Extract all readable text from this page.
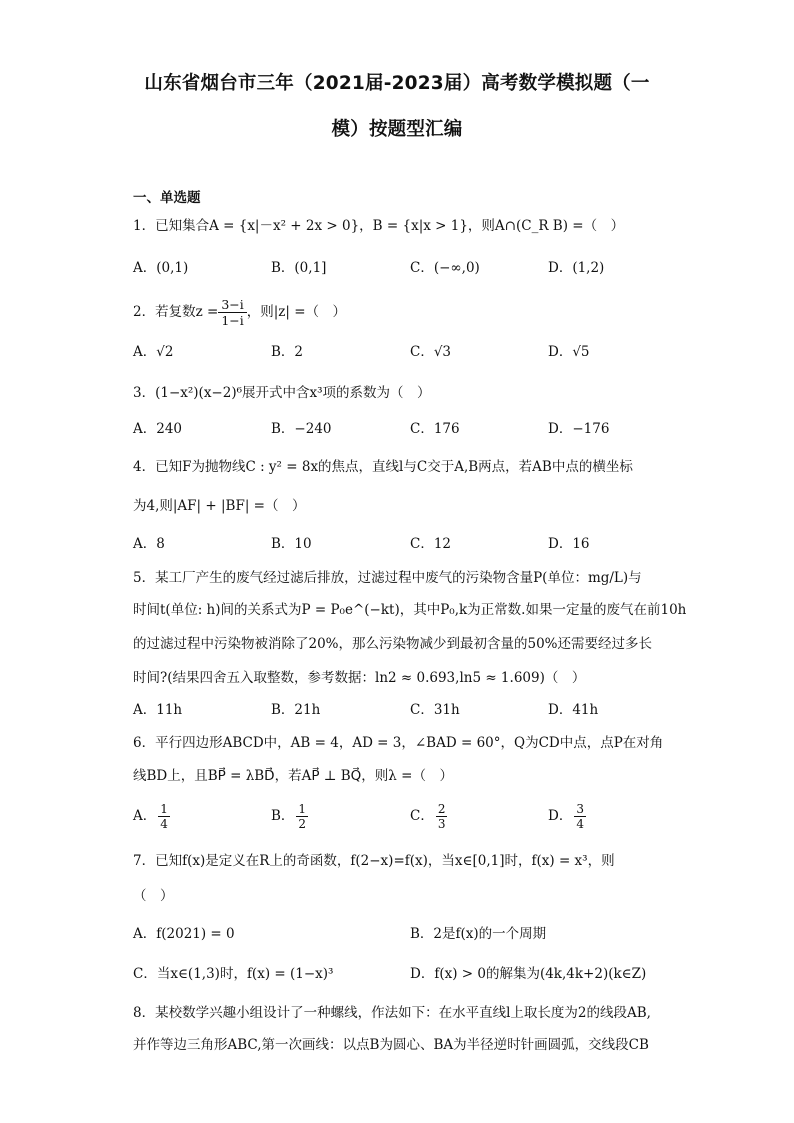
山东省烟台市三年（2021届-2023届）高考数学模拟题（一
模）按题型汇编
一、单选题
1．已知集合A = {x|－x² + 2x > 0}，B = {x|x > 1}，则A∩(C_R B) =（　）
A．(0,1)	B．(0,1]	C．(−∞,0)	D．(1,2)
2．若复数$z = \frac{3-i}{1-i}$ ，则|z| =（　）
A．√2	B．2	C．√3	D．√5
3．(1−x²)(x−2)⁶展开式中含x³项的系数为（　）
A．240	B．−240	C．176	D．−176
4．已知F为抛物线C : y² = 8x的焦点，直线l与C交于A,B两点，若AB中点的横坐标
为4,则|AF| + |BF| =（　）
A．8	B．10	C．12	D．16
5．某工厂产生的废气经过滤后排放，过滤过程中废气的污染物含量P(单位：mg/L)与
时间t(单位: h)间的关系式为P = P₀e^(−kt)，其中P₀,k为正常数.如果一定量的废气在前10h
的过滤过程中污染物被消除了20%，那么污染物减少到最初含量的50%还需要经过多长
时间?(结果四舍五入取整数，参考数据：ln2 ≈ 0.693,ln5 ≈ 1.609)（　）
A．11h	B．21h	C．31h	D．41h
6．平行四边形ABCD中，AB = 4，AD = 3，∠BAD = 60°，Q为CD中点，点P在对角
线BD上，且BP⃗ = λBD⃗，若AP⃗ ⊥ BQ⃗，则λ =（　）
A． $\frac{1}{4}$	B． $\frac{1}{2}$	C． $\frac{2}{3}$	D． $\frac{3}{4}$
7．已知f(x)是定义在R上的奇函数，f(2−x)=f(x)，当x∈[0,1]时，f(x) = x³，则
（　）
A．f(2021) = 0	B．2是f(x)的一个周期
C．当x∈(1,3)时，f(x) = (1−x)³	D．f(x) > 0的解集为(4k,4k+2)(k∈Z)
8．某校数学兴趣小组设计了一种螺线，作法如下：在水平直线l上取长度为2的线段AB,
并作等边三角形ABC,第一次画线：以点B为圆心、BA为半径逆时针画圆弧，交线段CB
